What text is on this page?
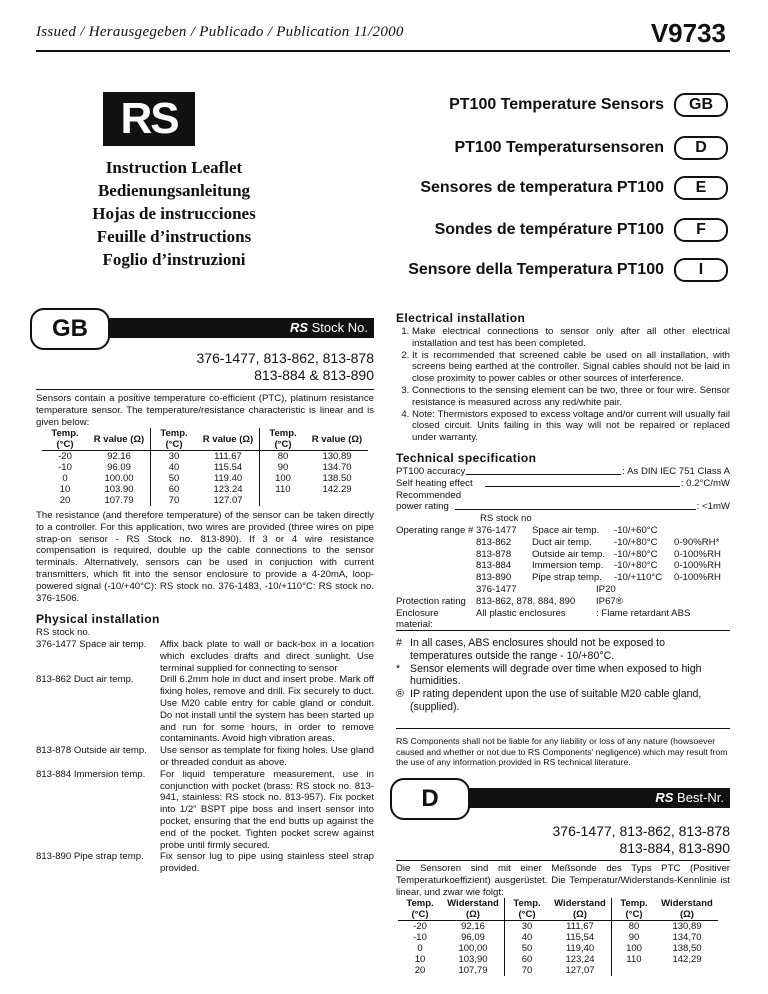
Issued / Herausgegeben / Publicado / Publication 11/2000	V9733
RS
Instruction Leaflet
Bedienungsanleitung
Hojas de instrucciones
Feuille d’instructions
Foglio d’instruzioni
PT100 Temperature Sensors	GB
PT100 Temperatursensoren	D
Sensores de temperatura PT100	E
Sondes de température PT100	F
Sensore della Temperatura PT100	I
RS Stock No.
GB
376-1477, 813-862, 813-878
813-884 & 813-890
Sensors contain a positive temperature co-efficient (PTC), platinum resistance temperature sensor. The temperature/resistance characteristic is linear and is given below:
Temp. (°C)	R value (Ω)	Temp. (°C)	R value (Ω)	Temp. (°C)	R value (Ω)
-20	92.16	30	111.67	80	130.89
-10	96.09	40	115.54	90	134.70
0	100.00	50	119.40	100	138.50
10	103.90	60	123.24	110	142.29
20	107.79	70	127.07		
The resistance (and therefore temperature) of the sensor can be taken directly to a controller. For this application, two wires are provided (three wires on pipe strap-on sensor - RS Stock no. 813-890). If 3 or 4 wire resistance compensation is required, double up the cable connections to the sensor terminals. Alternatively, sensors can be used in conjuction with current transmitters, which fit into the sensor enclosure to provide a 4-20mA, loop-powered signal (-10/+40°C): RS stock no. 376-1483, -10/+110°C: RS stock no. 376-1506.
Physical installation
RS stock no.
376-1477 Space air temp.	Affix back plate to wall or back-box in a location which excludes drafts and direct sunlight. Use terminal supplied for connecting to sensor
813-862 Duct air temp.	Drill 6.2mm hole in duct and insert probe. Mark off fixing holes, remove and drill. Fix securely to duct. Use M20 cable entry for cable gland or conduit. Do not install until the system has been started up and run for some hours, in order to remove contaminants. Avoid high vibration areas.
813-878 Outside air temp.	Use sensor as template for fixing holes. Use gland or threaded conduit as above.
813-884 Immersion temp.	For liquid temperature measurement, use in conjunction with pocket (brass: RS stock no. 813-941, stainless: RS stock no. 813-957). Fix pocket into 1/2" BSPT pipe boss and insert sensor into pocket, ensuring that the end butts up against the end of the pocket. Tighten pocket screw against probe until firmly secured.
813-890 Pipe strap temp.	Fix sensor lug to pipe using stainless steel strap provided.
Electrical installation
1. Make electrical connections to sensor only after all other electrical installation and test has been completed.
2. It is recommended that screened cable be used on all installation, with screens being earthed at the controller. Signal cables should not be laid in close proximity to power cables or other sources of interference.
3. Connections to the sensing element can be two, three or four wire. Sensor resistance is measured across any red/white pair.
4. Note: Thermistors exposed to excess voltage and/or current will usually fail closed circuit. Units failing in this way will not be repaired or replaced under warranty.
Technical specification
PT100 accuracy	: As DIN IEC 751 Class A
Self heating effect	: 0.2°C/mW
Recommended
power rating	: <1mW
RS stock no
Operating range # 376-1477	Space air temp.	-10/+60°C
813-862	Duct air temp.	-10/+80°C	0-90%RH*
813-878	Outside air temp. -10/+80°C	0-100%RH
813-884	Immersion temp.	-10/+80°C	0-100%RH
813-890	Pipe strap temp.	-10/+110°C	0-100%RH
376-1477	IP20
Protection rating	813-862, 878, 884, 890	IP67®
Enclosure material:
All plastic enclosures	: Flame retardant ABS
# In all cases, ABS enclosures should not be exposed to temperatures outside the range - 10/+80°C.
* Sensor elements will degrade over time when exposed to high humidities.
® IP rating dependent upon the use of suitable M20 cable gland, (supplied).
RS Components shall not be liable for any liability or loss of any nature (howsoever caused and whether or not due to RS Components’ negligence) which may result from the use of any information provided in RS technical literature.
RS Best-Nr.
D
376-1477, 813-862, 813-878
813-884, 813-890
Die Sensoren sind mit einer Meßsonde des Typs PTC (Positiver Temperaturkoeffizient) ausgerüstet. Die Temperatur/Widerstands-Kennlinie ist linear, und zwar wie folgt:
Temp. (°C)	Widerstand (Ω)	Temp. (°C)	Widerstand (Ω)	Temp. (°C)	Widerstand (Ω)
-20	92,16	30	111,67	80	130,89
-10	96,09	40	115,54	90	134,70
0	100,00	50	119,40	100	138,50
10	103,90	60	123,24	110	142,29
20	107,79	70	127,07		
